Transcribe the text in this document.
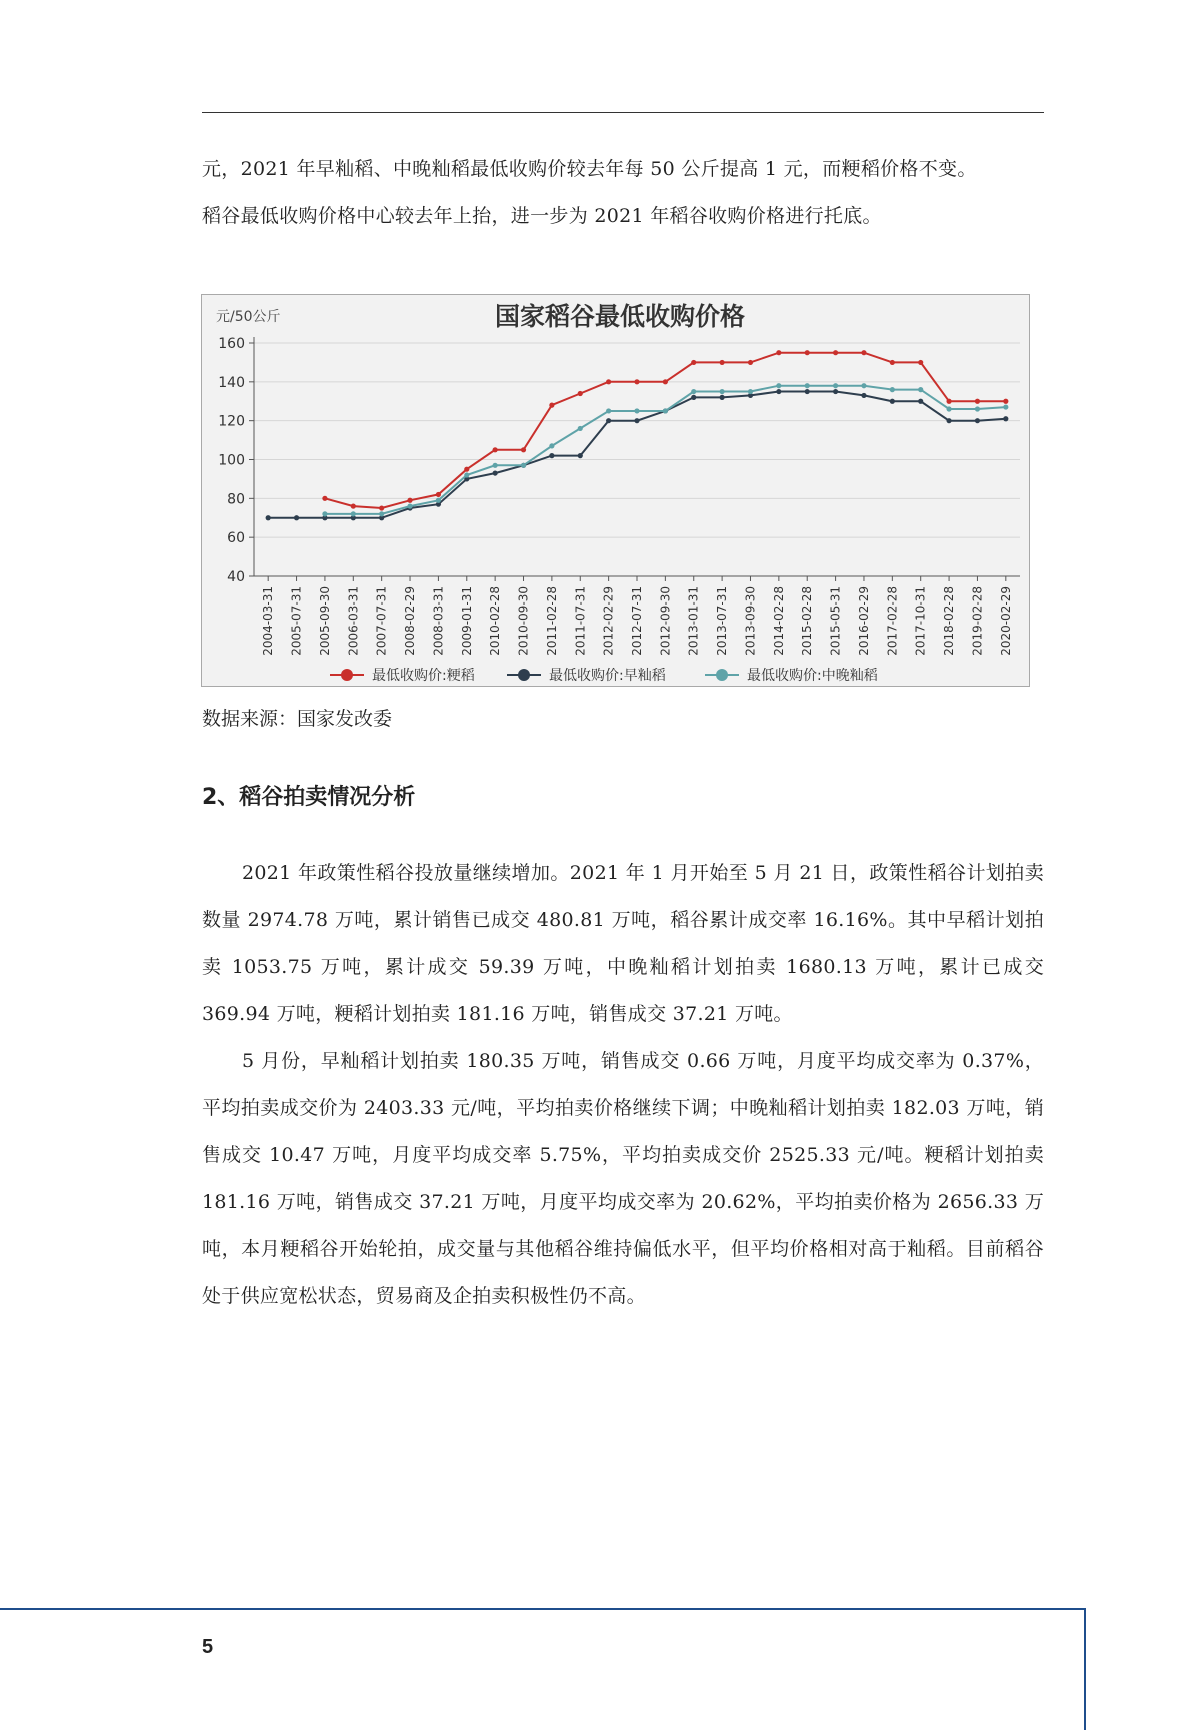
元，2021 年早籼稻、中晚籼稻最低收购价较去年每 50 公斤提高 1 元，而粳稻价格不变。

稻谷最低收购价格中心较去年上抬，进一步为 2021 年稻谷收购价格进行托底。

国家稻谷最低收购价格
元/50公斤
40
60
80
100
120
140
160
2004-03-31 2005-07-31 2005-09-30 2006-03-31 2007-07-31 2008-02-29 2008-03-31 2009-01-31 2010-02-28 2010-09-30 2011-02-28 2011-07-31 2012-02-29 2012-07-31 2012-09-30 2013-01-31 2013-07-31 2013-09-30 2014-02-28 2015-02-28 2015-05-31 2016-02-29 2017-02-28 2017-10-31 2018-02-28 2019-02-28 2020-02-29
最低收购价:粳稻	最低收购价:早籼稻	最低收购价:中晚籼稻
数据来源：国家发改委
2、稻谷拍卖情况分析

2021 年政策性稻谷投放量继续增加。2021 年 1 月开始至 5 月 21 日，政策性稻谷计划拍卖数量 2974.78 万吨，累计销售已成交 480.81 万吨，稻谷累计成交率 16.16%。其中早稻计划拍卖 1053.75 万吨，累计成交 59.39 万吨，中晚籼稻计划拍卖 1680.13 万吨，累计已成交 369.94 万吨，粳稻计划拍卖 181.16 万吨，销售成交 37.21 万吨。

5 月份，早籼稻计划拍卖 180.35 万吨，销售成交 0.66 万吨，月度平均成交率为 0.37%，平均拍卖成交价为 2403.33 元/吨，平均拍卖价格继续下调；中晚籼稻计划拍卖 182.03 万吨，销售成交 10.47 万吨，月度平均成交率 5.75%，平均拍卖成交价 2525.33 元/吨。粳稻计划拍卖 181.16 万吨，销售成交 37.21 万吨，月度平均成交率为 20.62%，平均拍卖价格为 2656.33 万吨，本月粳稻谷开始轮拍，成交量与其他稻谷维持偏低水平，但平均价格相对高于籼稻。目前稻谷处于供应宽松状态，贸易商及企拍卖积极性仍不高。

5
